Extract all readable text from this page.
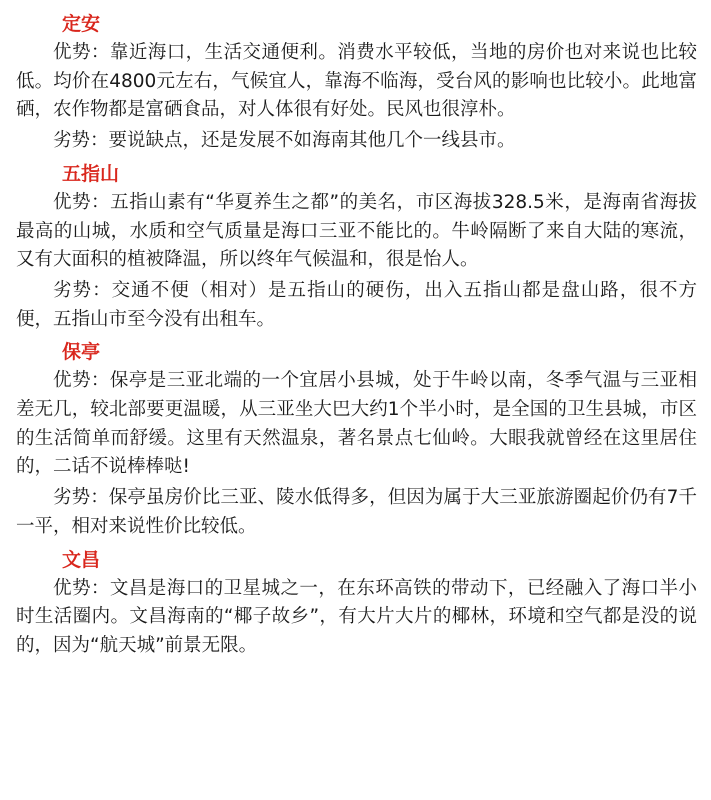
定安

优势：靠近海口，生活交通便利。消费水平较低，当地的房价也对来说也比较低。均价在4800元左右，气候宜人，靠海不临海，受台风的影响也比较小。此地富硒，农作物都是富硒食品，对人体很有好处。民风也很淳朴。

劣势：要说缺点，还是发展不如海南其他几个一线县市。

五指山

优势：五指山素有“华夏养生之都”的美名，市区海拔328.5米，是海南省海拔最高的山城，水质和空气质量是海口三亚不能比的。牛岭隔断了来自大陆的寒流，又有大面积的植被降温，所以终年气候温和，很是怡人。

劣势：交通不便（相对）是五指山的硬伤，出入五指山都是盘山路，很不方便，五指山市至今没有出租车。

保亭

优势：保亭是三亚北端的一个宜居小县城，处于牛岭以南，冬季气温与三亚相差无几，较北部要更温暖，从三亚坐大巴大约1个半小时，是全国的卫生县城，市区的生活简单而舒缓。这里有天然温泉，著名景点七仙岭。大眼我就曾经在这里居住的，二话不说棒棒哒!

劣势：保亭虽房价比三亚、陵水低得多，但因为属于大三亚旅游圈起价仍有7千一平，相对来说性价比较低。

文昌

优势：文昌是海口的卫星城之一，在东环高铁的带动下，已经融入了海口半小时生活圈内。文昌海南的“椰子故乡”，有大片大片的椰林，环境和空气都是没的说的，因为“航天城”前景无限。
